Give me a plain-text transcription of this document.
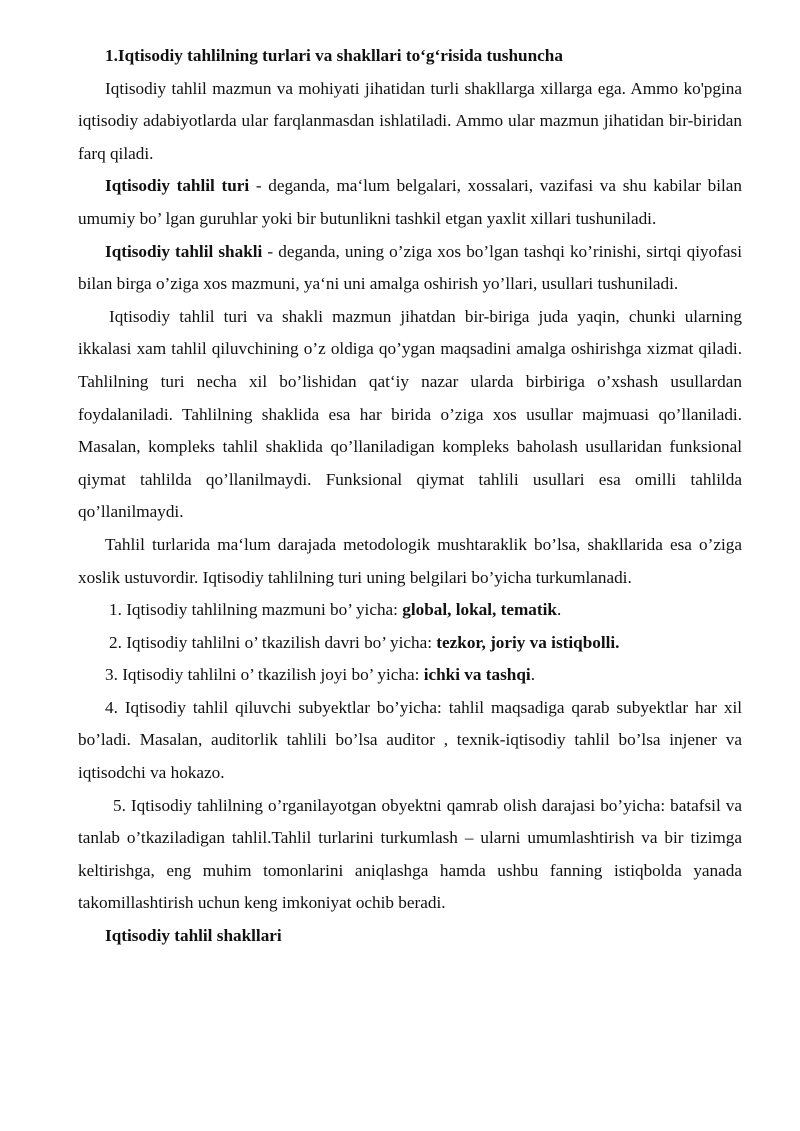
1.Iqtisodiy tahlilning turlari va shakllari to‘g‘risida tushuncha

Iqtisodiy tahlil mazmun va mohiyati jihatidan turli shakllarga xillarga ega. Ammo ko'pgina iqtisodiy adabiyotlarda ular farqlanmasdan ishlatiladi. Ammo ular mazmun jihatidan bir-biridan farq qiladi.

Iqtisodiy tahlil turi - deganda, ma‘lum belgalari, xossalari, vazifasi va shu kabilar bilan umumiy bo’ lgan guruhlar yoki bir butunlikni tashkil etgan yaxlit xillari tushuniladi.

Iqtisodiy tahlil shakli - deganda, uning o’ziga xos bo’lgan tashqi ko’rinishi, sirtqi qiyofasi bilan birga o’ziga xos mazmuni, ya‘ni uni amalga oshirish yo’llari, usullari tushuniladi.

Iqtisodiy tahlil turi va shakli mazmun jihatdan bir-biriga juda yaqin, chunki ularning ikkalasi xam tahlil qiluvchining o’z oldiga qo’ygan maqsadini amalga oshirishga xizmat qiladi. Tahlilning turi necha xil bo’lishidan qat‘iy nazar ularda birbiriga o’xshash usullardan foydalaniladi. Tahlilning shaklida esa har birida o’ziga xos usullar majmuasi qo’llaniladi. Masalan, kompleks tahlil shaklida qo’llaniladigan kompleks baholash usullaridan funksional qiymat tahlilda qo’llanilmaydi. Funksional qiymat tahlili usullari esa omilli tahlilda qo’llanilmaydi.

Tahlil turlarida ma‘lum darajada metodologik mushtaraklik bo’lsa, shakllarida esa o’ziga xoslik ustuvordir. Iqtisodiy tahlilning turi uning belgilari bo’yicha turkumlanadi.

1. Iqtisodiy tahlilning mazmuni bo’ yicha: global, lokal, tematik.

2. Iqtisodiy tahlilni o’ tkazilish davri bo’ yicha: tezkor, joriy va istiqbolli.

3. Iqtisodiy tahlilni o’ tkazilish joyi bo’ yicha: ichki va tashqi.

4. Iqtisodiy tahlil qiluvchi subyektlar bo’yicha: tahlil maqsadiga qarab subyektlar har xil bo’ladi. Masalan, auditorlik tahlili bo’lsa auditor , texnik-iqtisodiy tahlil bo’lsa injener va iqtisodchi va hokazo.

5. Iqtisodiy tahlilning o’rganilayotgan obyektni qamrab olish darajasi bo’yicha: batafsil va tanlab o’tkaziladigan tahlil.Tahlil turlarini turkumlash – ularni umumlashtirish va bir tizimga keltirishga, eng muhim tomonlarini aniqlashga hamda ushbu fanning istiqbolda yanada takomillashtirish uchun keng imkoniyat ochib beradi.

Iqtisodiy tahlil shakllari
